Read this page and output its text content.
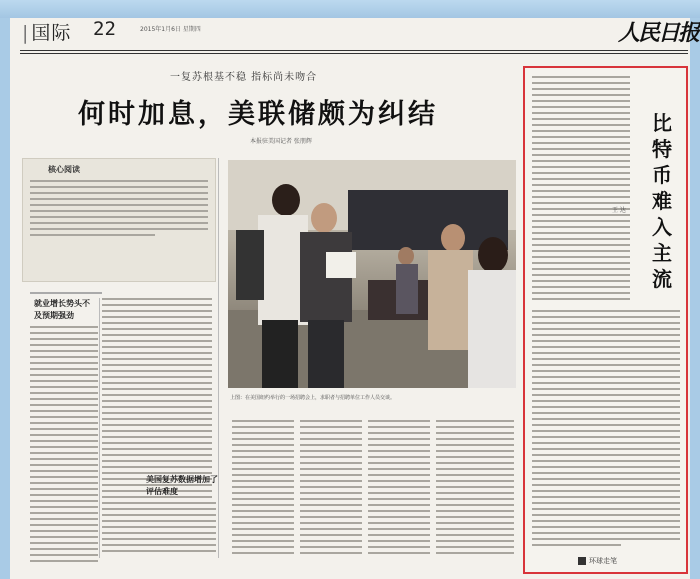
| 国际 22	2015年1月6日 星期四	人民日报
一复苏根基不稳 指标尚未吻合
何时加息，美联储颇为纠结
本报驻美国记者 张朋辉
核心阅读
就业增长势头不及预期强劲
上图：在美国纽约举行的一场招聘会上，求职者与招聘单位工作人员交谈。
美国复苏数据增加了评估难度
比特币难入主流
王 达
环球走笔
